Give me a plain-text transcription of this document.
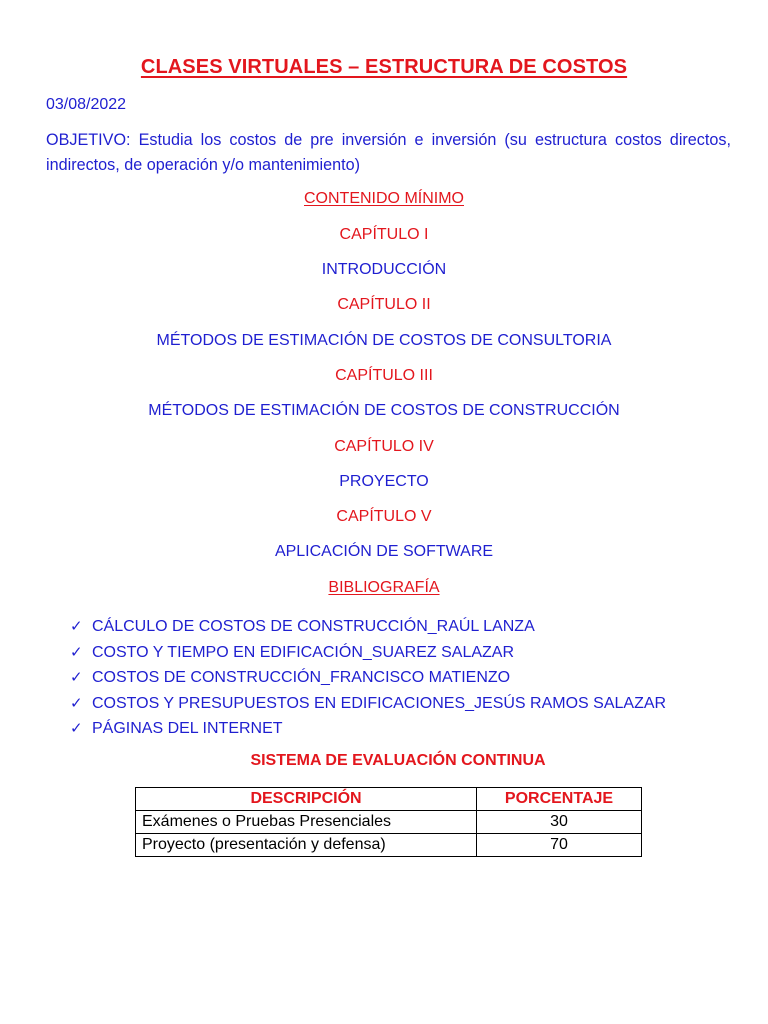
CLASES VIRTUALES – ESTRUCTURA DE COSTOS
03/08/2022
OBJETIVO: Estudia los costos de pre inversión e inversión (su estructura costos directos, indirectos, de operación y/o mantenimiento)
CONTENIDO MÍNIMO
CAPÍTULO I
INTRODUCCIÓN
CAPÍTULO II
MÉTODOS DE ESTIMACIÓN DE COSTOS DE CONSULTORIA
CAPÍTULO III
MÉTODOS DE ESTIMACIÓN DE COSTOS DE CONSTRUCCIÓN
CAPÍTULO IV
PROYECTO
CAPÍTULO V
APLICACIÓN DE SOFTWARE
BIBLIOGRAFÍA
✓ CÁLCULO DE COSTOS DE CONSTRUCCIÓN_RAÚL LANZA
✓ COSTO Y TIEMPO EN EDIFICACIÓN_SUAREZ SALAZAR
✓ COSTOS DE CONSTRUCCIÓN_FRANCISCO MATIENZO
✓ COSTOS Y PRESUPUESTOS EN EDIFICACIONES_JESÚS RAMOS SALAZAR
✓ PÁGINAS DEL INTERNET
SISTEMA DE EVALUACIÓN CONTINUA
DESCRIPCIÓN	PORCENTAJE
Exámenes o Pruebas Presenciales	30
Proyecto (presentación y defensa)	70
